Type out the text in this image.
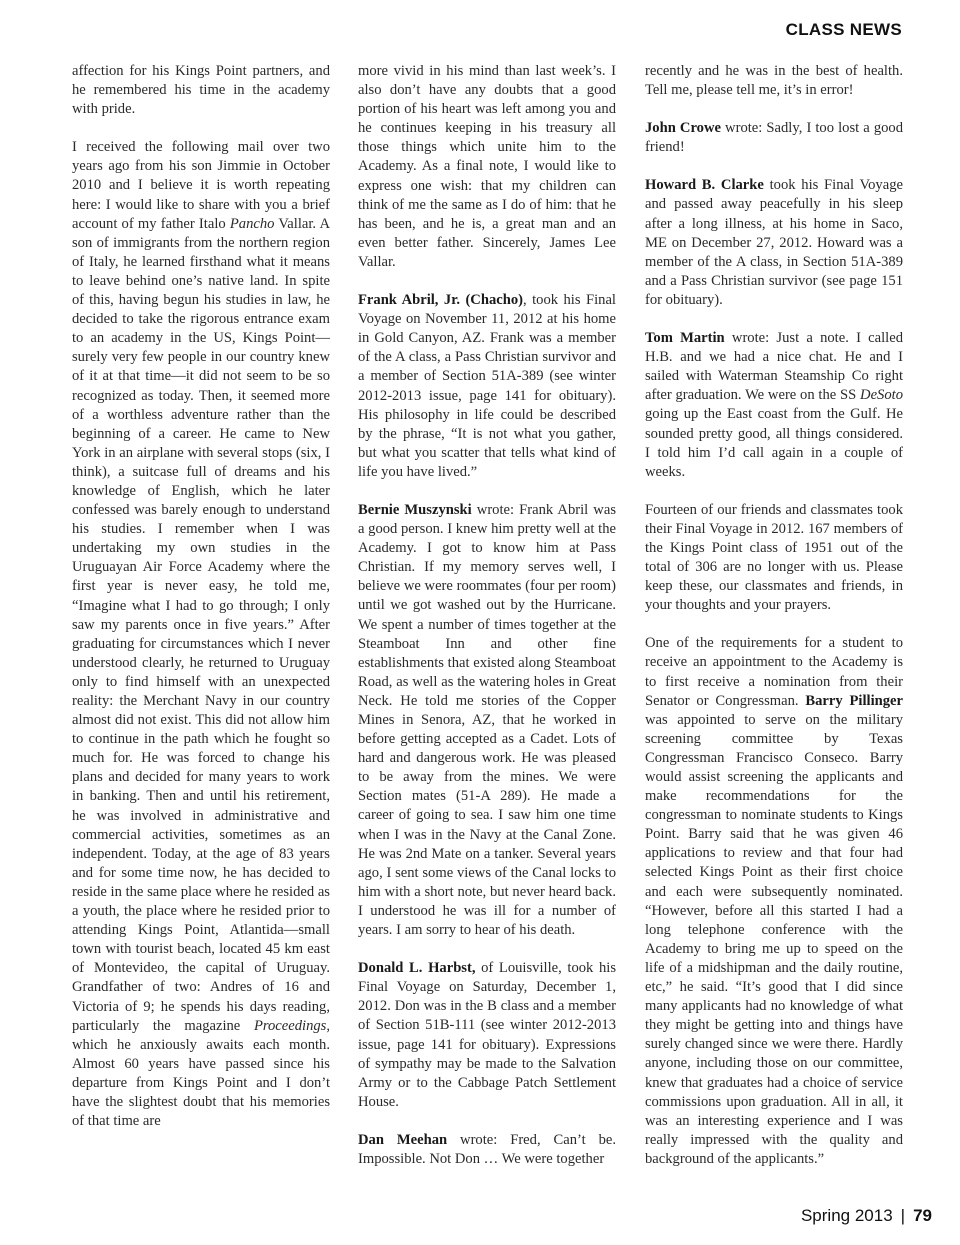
CLASS NEWS

affection for his Kings Point partners, and he remembered his time in the academy with pride.

I received the following mail over two years ago from his son Jimmie in October 2010 and I believe it is worth repeating here: I would like to share with you a brief account of my father Italo Pancho Vallar. A son of immigrants from the northern region of Italy, he learned firsthand what it means to leave behind one’s native land. In spite of this, having begun his studies in law, he decided to take the rigorous entrance exam to an academy in the US, Kings Point—surely very few people in our country knew of it at that time—it did not seem to be so recognized as today. Then, it seemed more of a worthless adventure rather than the beginning of a career. He came to New York in an airplane with several stops (six, I think), a suitcase full of dreams and his knowledge of English, which he later confessed was barely enough to understand his studies. I remember when I was undertaking my own studies in the Uruguayan Air Force Academy where the first year is never easy, he told me, “Imagine what I had to go through; I only saw my parents once in five years.” After graduating for circumstances which I never understood clearly, he returned to Uruguay only to find himself with an unexpected reality: the Merchant Navy in our country almost did not exist. This did not allow him to continue in the path which he fought so much for. He was forced to change his plans and decided for many years to work in banking. Then and until his retirement, he was involved in administrative and commercial activities, sometimes as an independent. Today, at the age of 83 years and for some time now, he has decided to reside in the same place where he resided as a youth, the place where he resided prior to attending Kings Point, Atlantida—small town with tourist beach, located 45 km east of Montevideo, the capital of Uruguay. Grandfather of two: Andres of 16 and Victoria of 9; he spends his days reading, particularly the magazine Proceedings, which he anxiously awaits each month. Almost 60 years have passed since his departure from Kings Point and I don’t have the slightest doubt that his memories of that time are

more vivid in his mind than last week’s. I also don’t have any doubts that a good portion of his heart was left among you and he continues keeping in his treasury all those things which unite him to the Academy. As a final note, I would like to express one wish: that my children can think of me the same as I do of him: that he has been, and he is, a great man and an even better father. Sincerely, James Lee Vallar.

Frank Abril, Jr. (Chacho), took his Final Voyage on November 11, 2012 at his home in Gold Canyon, AZ. Frank was a member of the A class, a Pass Christian survivor and a member of Section 51A-389 (see winter 2012-2013 issue, page 141 for obituary). His philosophy in life could be described by the phrase, “It is not what you gather, but what you scatter that tells what kind of life you have lived.”

Bernie Muszynski wrote: Frank Abril was a good person. I knew him pretty well at the Academy. I got to know him at Pass Christian. If my memory serves well, I believe we were roommates (four per room) until we got washed out by the Hurricane. We spent a number of times together at the Steamboat Inn and other fine establishments that existed along Steamboat Road, as well as the watering holes in Great Neck. He told me stories of the Copper Mines in Senora, AZ, that he worked in before getting accepted as a Cadet. Lots of hard and dangerous work. He was pleased to be away from the mines. We were Section mates (51-A 289). He made a career of going to sea. I saw him one time when I was in the Navy at the Canal Zone. He was 2nd Mate on a tanker. Several years ago, I sent some views of the Canal locks to him with a short note, but never heard back. I understood he was ill for a number of years. I am sorry to hear of his death.

Donald L. Harbst, of Louisville, took his Final Voyage on Saturday, December 1, 2012. Don was in the B class and a member of Section 51B-111 (see winter 2012-2013 issue, page 141 for obituary). Expressions of sympathy may be made to the Salvation Army or to the Cabbage Patch Settlement House.

Dan Meehan wrote: Fred, Can’t be. Impossible. Not Don … We were together

recently and he was in the best of health. Tell me, please tell me, it’s in error!

John Crowe wrote: Sadly, I too lost a good friend!

Howard B. Clarke took his Final Voyage and passed away peacefully in his sleep after a long illness, at his home in Saco, ME on December 27, 2012. Howard was a member of the A class, in Section 51A-389 and a Pass Christian survivor (see page 151 for obituary).

Tom Martin wrote: Just a note. I called H.B. and we had a nice chat. He and I sailed with Waterman Steamship Co right after graduation. We were on the SS DeSoto going up the East coast from the Gulf. He sounded pretty good, all things considered. I told him I’d call again in a couple of weeks.

Fourteen of our friends and classmates took their Final Voyage in 2012. 167 members of the Kings Point class of 1951 out of the total of 306 are no longer with us. Please keep these, our classmates and friends, in your thoughts and your prayers.

One of the requirements for a student to receive an appointment to the Academy is to first receive a nomination from their Senator or Congressman. Barry Pillinger was appointed to serve on the military screening committee by Texas Congressman Francisco Conseco. Barry would assist screening the applicants and make recommendations for the congressman to nominate students to Kings Point. Barry said that he was given 46 applications to review and that four had selected Kings Point as their first choice and each were subsequently nominated. “However, before all this started I had a long telephone conference with the Academy to bring me up to speed on the life of a midshipman and the daily routine, etc,” he said. “It’s good that I did since many applicants had no knowledge of what they might be getting into and things have surely changed since we were there. Hardly anyone, including those on our committee, knew that graduates had a choice of service commissions upon graduation. All in all, it was an interesting experience and I was really impressed with the quality and background of the applicants.”

Spring 2013 | 79
